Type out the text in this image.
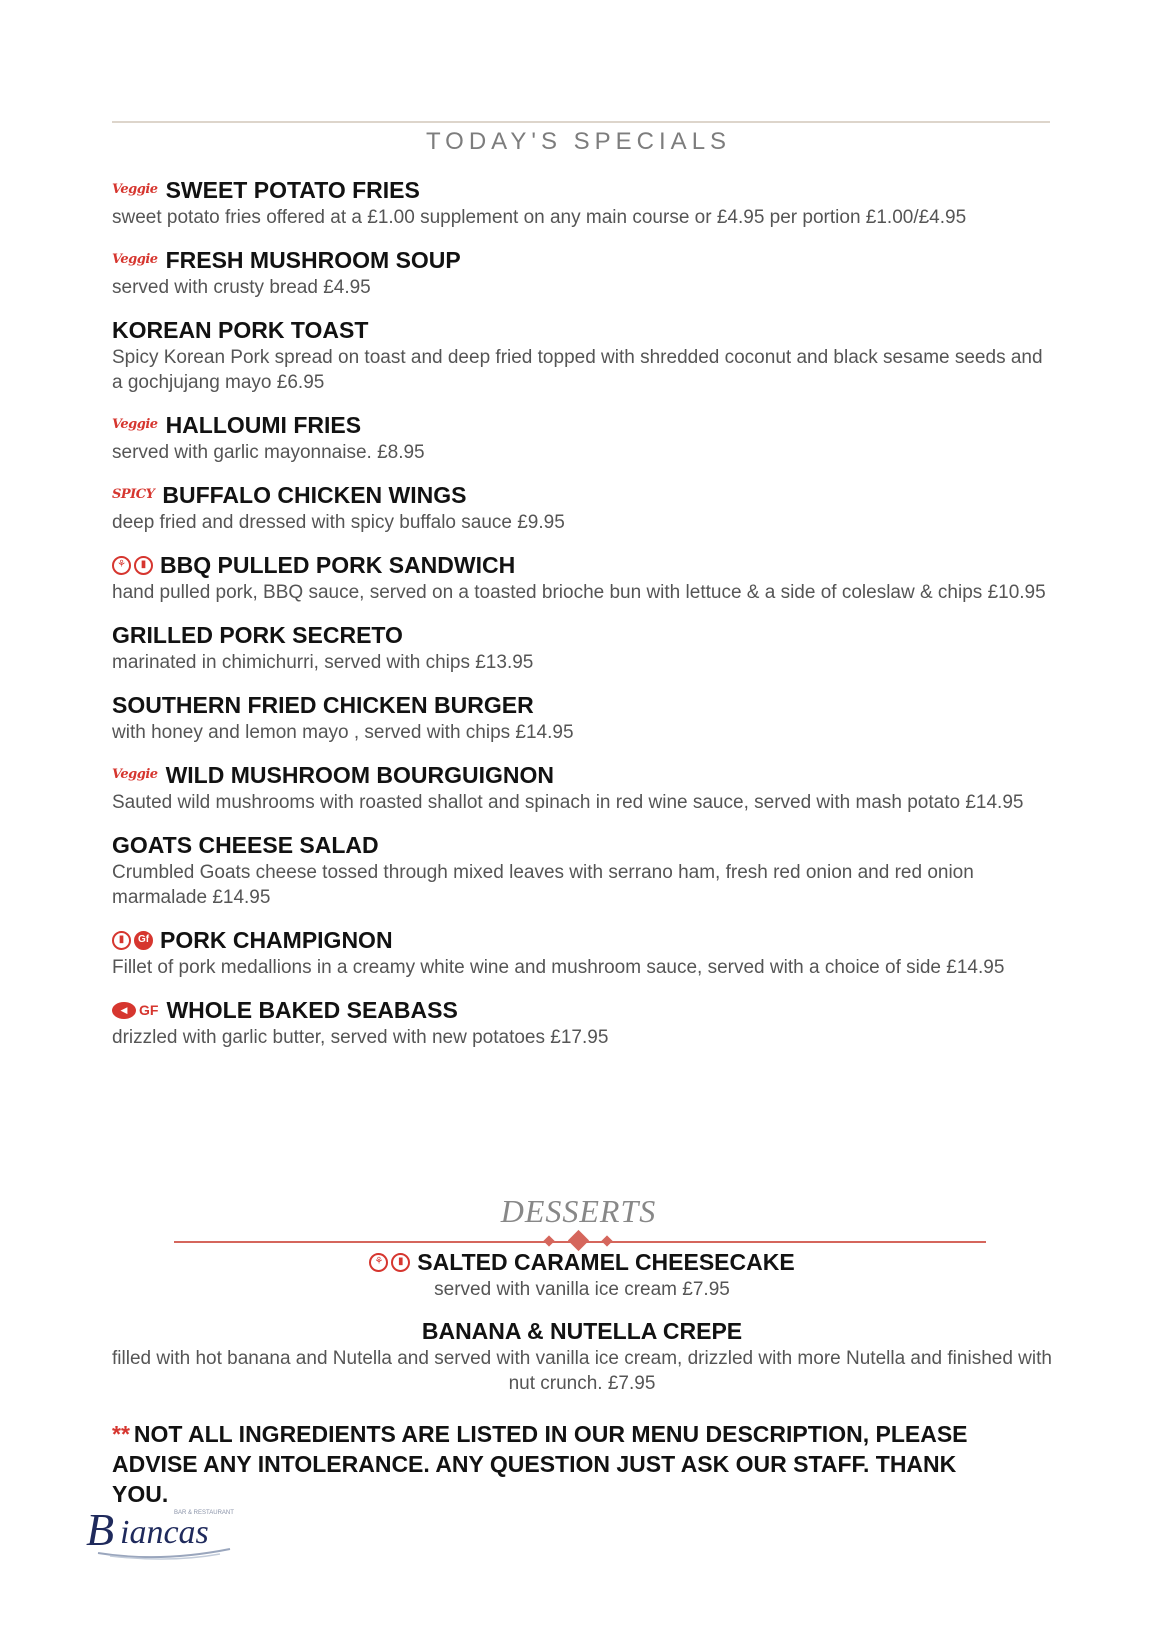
TODAY'S SPECIALS
Veggie SWEET POTATO FRIES
sweet potato fries offered at a £1.00 supplement on any main course or £4.95 per portion £1.00/£4.95
Veggie FRESH MUSHROOM SOUP
served with crusty bread £4.95
KOREAN PORK TOAST
Spicy Korean Pork spread on toast and deep fried topped with shredded coconut and black sesame seeds and a gochjujang mayo £6.95
Veggie HALLOUMI FRIES
served with garlic mayonnaise. £8.95
SPICY BUFFALO CHICKEN WINGS
deep fried and dressed with spicy buffalo sauce £9.95
⚘	▮ BBQ PULLED PORK SANDWICH
hand pulled pork, BBQ sauce, served on a toasted brioche bun with lettuce & a side of coleslaw & chips £10.95
GRILLED PORK SECRETO
marinated in chimichurri, served with chips £13.95
SOUTHERN FRIED CHICKEN BURGER
with honey and lemon mayo , served with chips £14.95
Veggie WILD MUSHROOM BOURGUIGNON
Sauted wild mushrooms with roasted shallot and spinach in red wine sauce, served with mash potato £14.95
GOATS CHEESE SALAD
Crumbled Goats cheese tossed through mixed leaves with serrano ham, fresh red onion and red onion marmalade £14.95
▮	Gf PORK CHAMPIGNON
Fillet of pork medallions in a creamy white wine and mushroom sauce, served with a choice of side £14.95
◀ GF WHOLE BAKED SEABASS
drizzled with garlic butter, served with new potatoes £17.95
DESSERTS
⚘	▮ SALTED CARAMEL CHEESECAKE
served with vanilla ice cream £7.95
BANANA & NUTELLA CREPE
filled with hot banana and Nutella and served with vanilla ice cream, drizzled with more Nutella and finished with nut crunch. £7.95
** NOT ALL INGREDIENTS ARE LISTED IN OUR MENU DESCRIPTION, PLEASE ADVISE ANY INTOLERANCE. ANY QUESTION JUST ASK OUR STAFF. THANK YOU.
B iancas
BAR & RESTAURANT
